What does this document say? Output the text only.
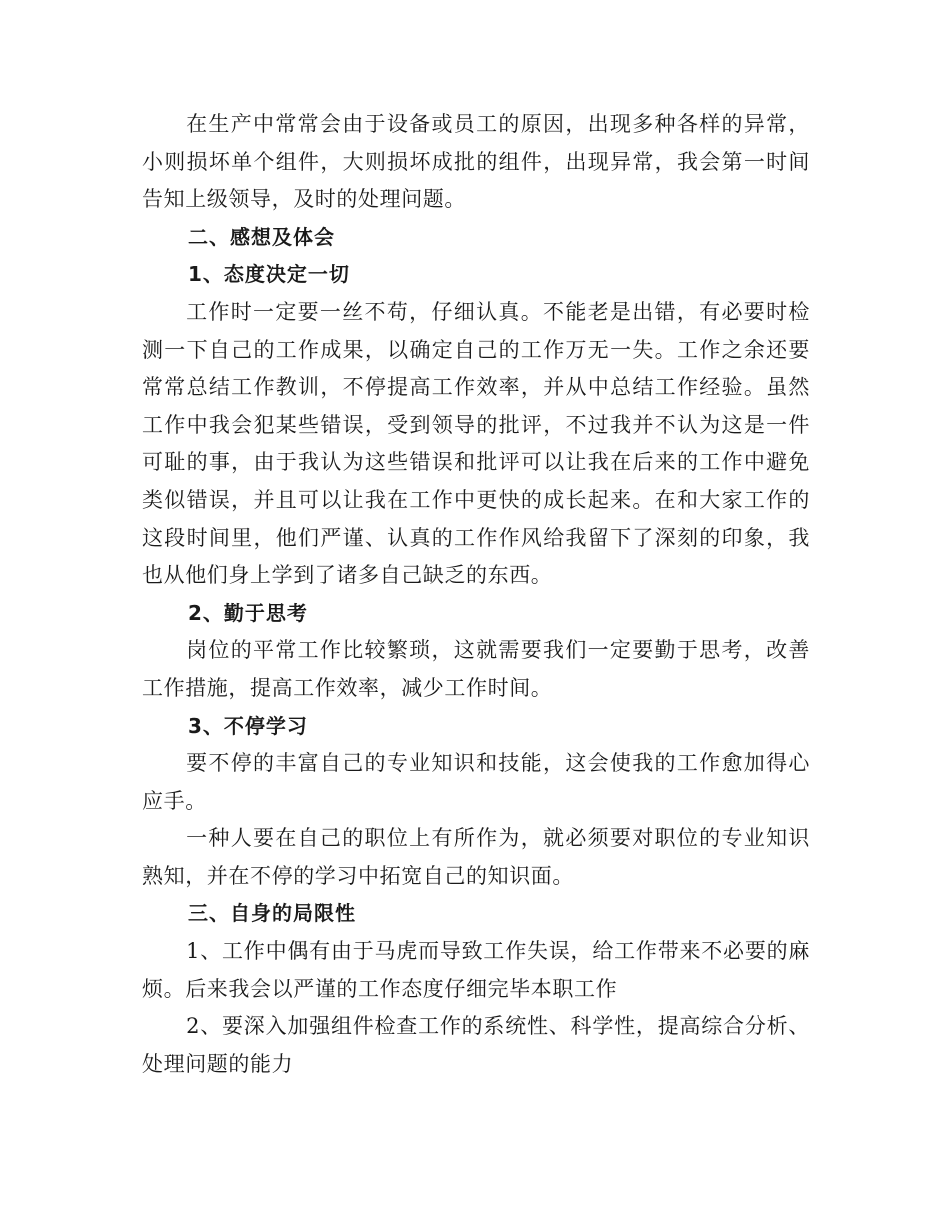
在生产中常常会由于设备或员工的原因，出现多种各样的异常，小则损坏单个组件，大则损坏成批的组件，出现异常，我会第一时间告知上级领导，及时的处理问题。

二、感想及体会

1、态度决定一切

工作时一定要一丝不苟，仔细认真。不能老是出错，有必要时检测一下自己的工作成果，以确定自己的工作万无一失。工作之余还要常常总结工作教训，不停提高工作效率，并从中总结工作经验。虽然工作中我会犯某些错误，受到领导的批评，不过我并不认为这是一件可耻的事，由于我认为这些错误和批评可以让我在后来的工作中避免类似错误，并且可以让我在工作中更快的成长起来。在和大家工作的这段时间里，他们严谨、认真的工作作风给我留下了深刻的印象，我也从他们身上学到了诸多自己缺乏的东西。

2、勤于思考

岗位的平常工作比较繁琐，这就需要我们一定要勤于思考，改善工作措施，提高工作效率，减少工作时间。

3、不停学习

要不停的丰富自己的专业知识和技能，这会使我的工作愈加得心应手。

一种人要在自己的职位上有所作为，就必须要对职位的专业知识熟知，并在不停的学习中拓宽自己的知识面。

三、自身的局限性

1、工作中偶有由于马虎而导致工作失误，给工作带来不必要的麻烦。后来我会以严谨的工作态度仔细完毕本职工作

2、要深入加强组件检查工作的系统性、科学性，提高综合分析、处理问题的能力
